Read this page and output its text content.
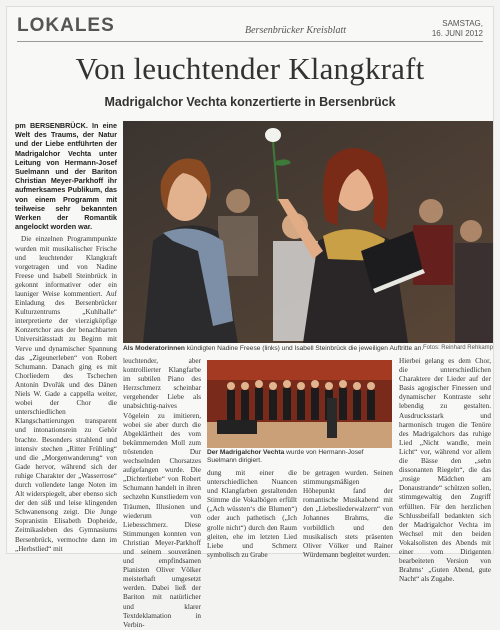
LOKALES	Bersenbrücker Kreisblatt
SAMSTAG,
16. JUNI 2012
Von leuchtender Klangkraft
Madrigalchor Vechta konzertierte in Bersenbrück

pm BERSENBRÜCK. In eine Welt des Traums, der Natur und der Liebe entführten der Madrigalchor Vechta unter Leitung von Hermann-Josef Suelmann und der Bariton Christian Meyer-Parkhoff ihr aufmerksames Publikum, das von einem Programm mit teilweise sehr bekannten Werken der Romantik angelockt worden war.

Die einzelnen Programmpunkte wurden mit musikalischer Frische und leuchtender Klangkraft vorgetragen und von Nadine Freese und Isabell Steinbrück in gekonnt informativer oder ein launiger Weise kommentiert. Auf Einladung des Bersenbrücker Kulturzentrums „Kuhlhalle“ interpretierte der vierzigköpfige Konzertchor aus der benachbarten Universitätsstadt zu Beginn mit Verve und dynamischer Spannung das „Zigeunerleben“ von Robert Schumann. Danach ging es mit Chorliedern des Tschechen Antonín Dvořák und des Dänen Niels W. Gade a cappella weiter, wobei der Chor die unterschiedlichen Klangschattierungen transparent und intonationsrein zu Gehör brachte. Besonders strahlend und intensiv stechen „Ritter Frühling“ und die „Morgenwanderung“ von Gade hervor, während sich der ruhige Charakter der „Wasserrose“ durch vollendete lange Noten im Alt widerspiegelt, aber ebenso sich der den süß und leise klingenden Schwanensong zeigt. Die Junge Sopranistin Elisabeth Dopheide, Zeitnikasleben des Gymnasiums Bersenbrück, vermochte dann im „Herbstlied“ mit

Als Moderatorinnen kündigten Nadine Freese (links) und Isabell Steinbrück die jeweiligen Auftritte an. Fotos: Reinhard Rehkamp

leuchtender, aber kontrollierter Klangfarbe im subtilen Piano des Herzschmerz scheinbar vergehender Liebe als unabsichtig-naives Vögelein zu imitieren, wobei sie aber durch die Abgeklärtheit des vom bekümmernden Moll zum tröstenden Dur wechselnden Chorsatzes aufgefangen wurde. Die „Dichterliebe“ von Robert Schumann handelt in ihren sechzehn Kunstliedern von Träumen, Illusionen und wiederum von Liebesschmerz. Diese Stimmungen konnten von Christian Meyer-Parkhoff und seinem souveränen und empfindsamen Pianisten Oliver Völker meisterhaft umgesetzt werden. Dabei ließ der Bariton mit natürlicher und klarer Textdeklamation in Verbin-

Der Madrigalchor Vechta wurde von Hermann-Josef Suelmann dirigiert.

dung mit einer die unterschiedlichen Nuancen und Klangfarben gestaltenden Stimme die Vokalbögen erfüllt („Ach wüssten‘s die Blumen“) oder auch pathetisch („Ich grolle nicht“) durch den Raum gleiten, ehe im letzten Lied Liebe und Schmerz symbolisch zu Grabe

be getragen wurden. Seinen stimmungsmäßigen Höhepunkt fand der romantische Musikabend mit den „Liebesliederwalzern“ von Johannes Brahms, die vorbildlich und den musikalisch stets präsenten Oliver Völker und Rainer Würdemann begleitet wurden.

Hierbei gelang es dem Chor, die unterschiedlichen Charaktere der Lieder auf der Basis agogischer Finessen und dynamischer Kontraste sehr lebendig zu gestalten. Ausdrucksstark und harmonisch trugen die Tenöre des Madrigalchors das ruhige Lied „Nicht wandle, mein Licht“ vor, während vor allem die Bässe den „sehn dissonanten Riegeln“, die das „rosige Mädchen am Donaustrande“ schützen sollen, stimmgewaltig den Zugriff erfüllten. Für den herzlichen Schlussbeifall bedankten sich der Madrigalchor Vechta im Wechsel mit den beiden Vokalsolisten des Abends mit einer vom Dirigenten bearbeiteten Version von Brahms‘ „Guten Abend, gute Nacht“ als Zugabe.
